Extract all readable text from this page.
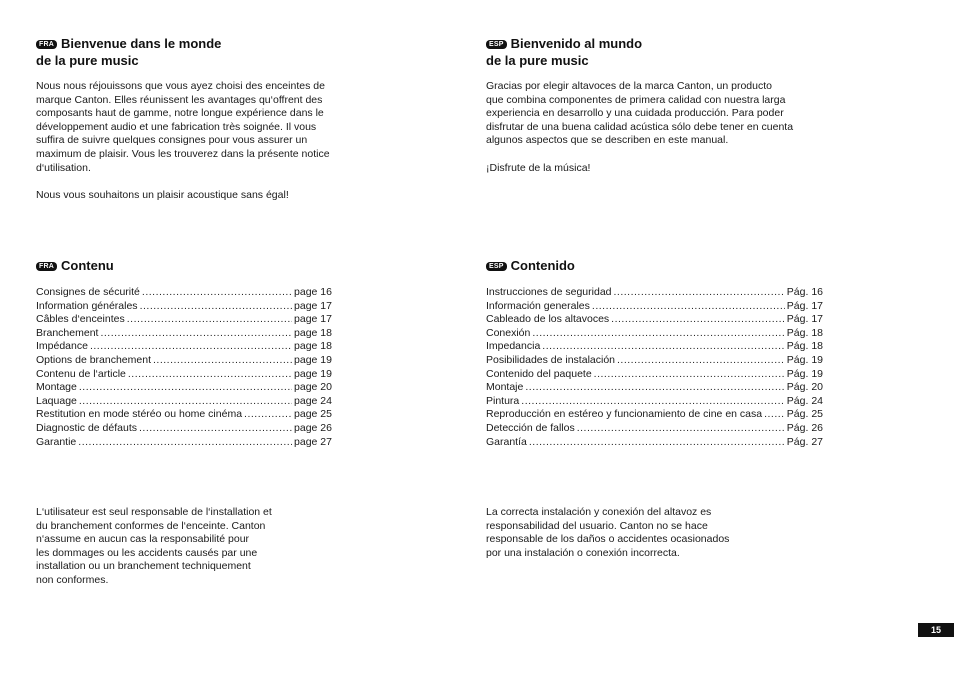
FRA Bienvenue dans le monde
de la pure music

Nous nous réjouissons que vous ayez choisi des enceintes de
marque Canton. Elles réunissent les avantages qu‘offrent des
composants haut de gamme, notre longue expérience dans le
développement audio et une fabrication très soignée. Il vous
suffira de suivre quelques consignes pour vous assurer un
maximum de plaisir. Vous les trouverez dans la présente notice
d‘utilisation.

Nous vous souhaitons un plaisir acoustique sans égal!

FRA Contenu
Consignes de sécurité .....	page 16
Information générales .....	page 17
Câbles d‘enceintes .....	page 17
Branchement .....	page 18
Impédance .....	page 18
Options de branchement .....	page 19
Contenu de l‘article .....	page 19
Montage .....	page 20
Laquage .....	page 24
Restitution en mode stéréo ou home cinéma .....	page 25
Diagnostic de défauts .....	page 26
Garantie .....	page 27

L‘utilisateur est seul responsable de l‘installation et
du branchement conformes de l‘enceinte. Canton
n‘assume en aucun cas la responsabilité pour
les dommages ou les accidents causés par une
installation ou un branchement techniquement
non conformes.

ESP Bienvenido al mundo
de la pure music

Gracias por elegir altavoces de la marca Canton, un producto
que combina componentes de primera calidad con nuestra larga
experiencia en desarrollo y una cuidada producción. Para poder
disfrutar de una buena calidad acústica sólo debe tener en cuenta
algunos aspectos que se describen en este manual.

¡Disfrute de la música!

ESP Contenido
Instrucciones de seguridad .....	Pág. 16
Información generales .....	Pág. 17
Cableado de los altavoces .....	Pág. 17
Conexión .....	Pág. 18
Impedancia .....	Pág. 18
Posibilidades de instalación .....	Pág. 19
Contenido del paquete .....	Pág. 19
Montaje .....	Pág. 20
Pintura .....	Pág. 24
Reproducción en estéreo y funcionamiento de cine en casa ..... Pág. 25
Detección de fallos .....	Pág. 26
Garantía .....	Pág. 27

La correcta instalación y conexión del altavoz es
responsabilidad del usuario. Canton no se hace
responsable de los daños o accidentes ocasionados
por una instalación o conexión incorrecta.

15
